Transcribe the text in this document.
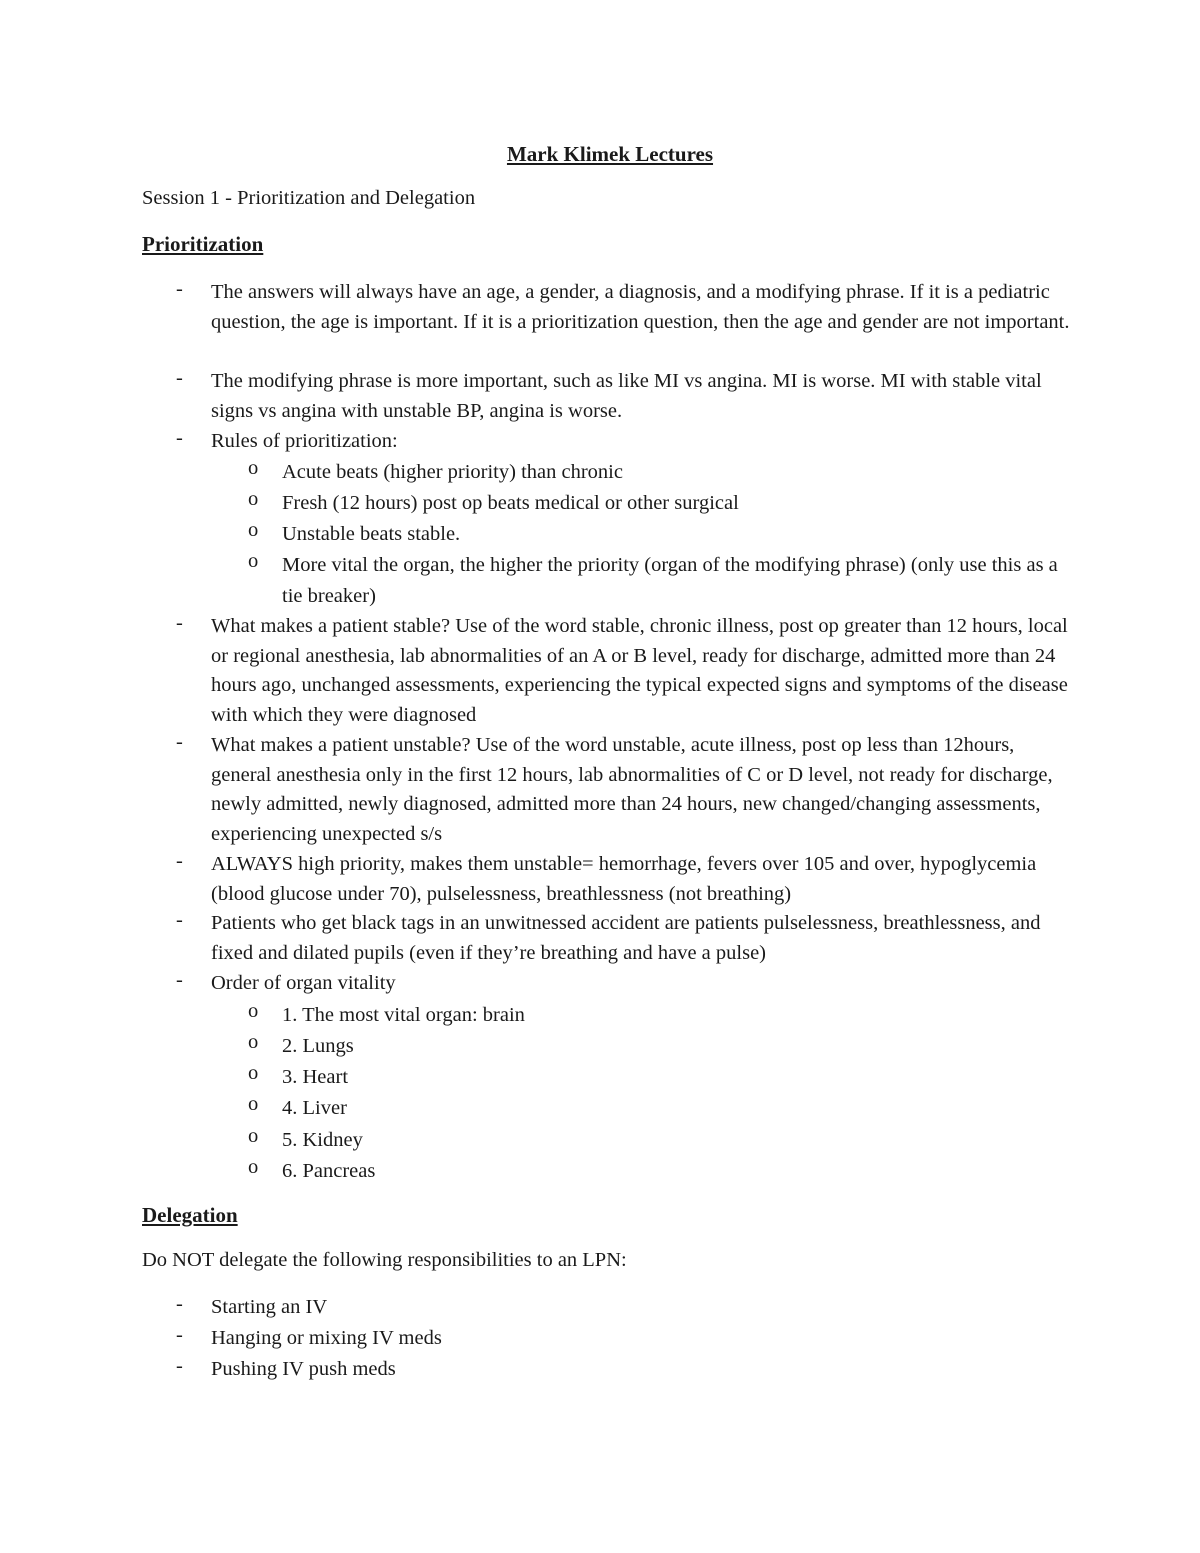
Mark Klimek Lectures
Session 1 - Prioritization and Delegation
Prioritization
- The answers will always have an age, a gender, a diagnosis, and a modifying phrase. If it is a pediatric question, the age is important. If it is a prioritization question, then the age and gender are not important.
- The modifying phrase is more important, such as like MI vs angina. MI is worse. MI with stable vital signs vs angina with unstable BP, angina is worse.
- Rules of prioritization:
o Acute beats (higher priority) than chronic
o Fresh (12 hours) post op beats medical or other surgical
o Unstable beats stable.
o More vital the organ, the higher the priority (organ of the modifying phrase) (only use this as a tie breaker)
- What makes a patient stable? Use of the word stable, chronic illness, post op greater than 12 hours, local or regional anesthesia, lab abnormalities of an A or B level, ready for discharge, admitted more than 24 hours ago, unchanged assessments, experiencing the typical expected signs and symptoms of the disease with which they were diagnosed
- What makes a patient unstable? Use of the word unstable, acute illness, post op less than 12hours, general anesthesia only in the first 12 hours, lab abnormalities of C or D level, not ready for discharge, newly admitted, newly diagnosed, admitted more than 24 hours, new changed/changing assessments, experiencing unexpected s/s
- ALWAYS high priority, makes them unstable= hemorrhage, fevers over 105 and over, hypoglycemia (blood glucose under 70), pulselessness, breathlessness (not breathing)
- Patients who get black tags in an unwitnessed accident are patients pulselessness, breathlessness, and fixed and dilated pupils (even if they’re breathing and have a pulse)
- Order of organ vitality
o 1. The most vital organ: brain
o 2. Lungs
o 3. Heart
o 4. Liver
o 5. Kidney
o 6. Pancreas
Delegation
Do NOT delegate the following responsibilities to an LPN:
- Starting an IV
- Hanging or mixing IV meds
- Pushing IV push meds
